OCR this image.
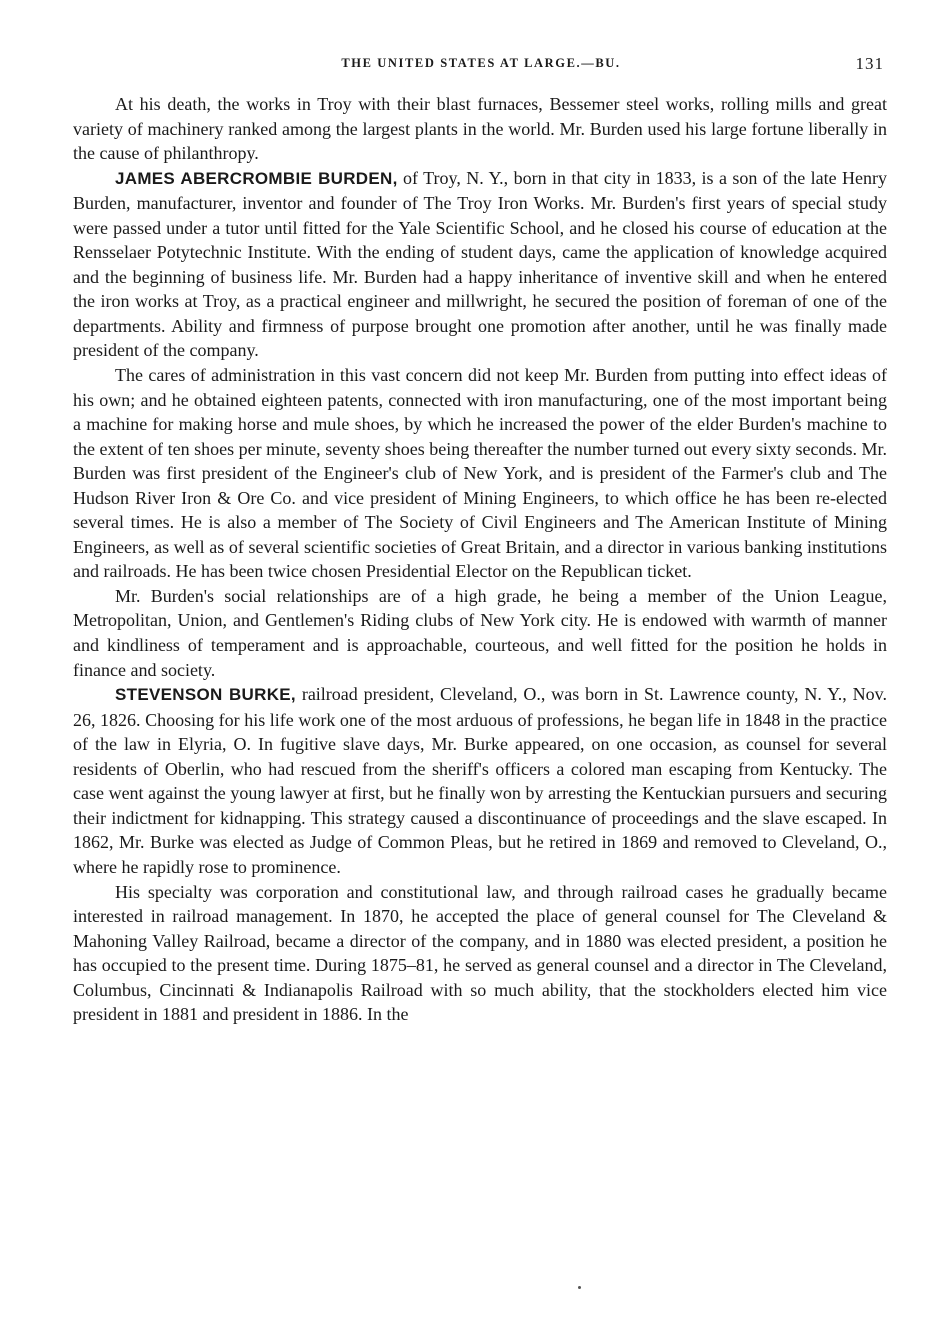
THE UNITED STATES AT LARGE.—BU.	131

At his death, the works in Troy with their blast furnaces, Bessemer steel works, rolling mills and great variety of machinery ranked among the largest plants in the world. Mr. Burden used his large fortune liberally in the cause of philanthropy.

JAMES ABERCROMBIE BURDEN, of Troy, N. Y., born in that city in 1833, is a son of the late Henry Burden, manufacturer, inventor and founder of The Troy Iron Works. Mr. Burden's first years of special study were passed under a tutor until fitted for the Yale Scientific School, and he closed his course of education at the Rensselaer Potytechnic Institute. With the ending of student days, came the application of knowledge acquired and the beginning of business life. Mr. Burden had a happy inheritance of inventive skill and when he entered the iron works at Troy, as a practical engineer and millwright, he secured the position of foreman of one of the departments. Ability and firmness of purpose brought one promotion after another, until he was finally made president of the company.

The cares of administration in this vast concern did not keep Mr. Burden from putting into effect ideas of his own; and he obtained eighteen patents, connected with iron manufacturing, one of the most important being a machine for making horse and mule shoes, by which he increased the power of the elder Burden's machine to the extent of ten shoes per minute, seventy shoes being thereafter the number turned out every sixty seconds. Mr. Burden was first president of the Engineer's club of New York, and is president of the Farmer's club and The Hudson River Iron & Ore Co. and vice president of Mining Engineers, to which office he has been re-elected several times. He is also a member of The Society of Civil Engineers and The American Institute of Mining Engineers, as well as of several scientific societies of Great Britain, and a director in various banking institutions and railroads. He has been twice chosen Presidential Elector on the Republican ticket.

Mr. Burden's social relationships are of a high grade, he being a member of the Union League, Metropolitan, Union, and Gentlemen's Riding clubs of New York city. He is endowed with warmth of manner and kindliness of temperament and is approachable, courteous, and well fitted for the position he holds in finance and society.

STEVENSON BURKE, railroad president, Cleveland, O., was born in St. Lawrence county, N. Y., Nov. 26, 1826. Choosing for his life work one of the most arduous of professions, he began life in 1848 in the practice of the law in Elyria, O. In fugitive slave days, Mr. Burke appeared, on one occasion, as counsel for several residents of Oberlin, who had rescued from the sheriff's officers a colored man escaping from Kentucky. The case went against the young lawyer at first, but he finally won by arresting the Kentuckian pursuers and securing their indictment for kidnapping. This strategy caused a discontinuance of proceedings and the slave escaped. In 1862, Mr. Burke was elected as Judge of Common Pleas, but he retired in 1869 and removed to Cleveland, O., where he rapidly rose to prominence.

His specialty was corporation and constitutional law, and through railroad cases he gradually became interested in railroad management. In 1870, he accepted the place of general counsel for The Cleveland & Mahoning Valley Railroad, became a director of the company, and in 1880 was elected president, a position he has occupied to the present time. During 1875–81, he served as general counsel and a director in The Cleveland, Columbus, Cincinnati & Indianapolis Railroad with so much ability, that the stockholders elected him vice president in 1881 and president in 1886. In the
